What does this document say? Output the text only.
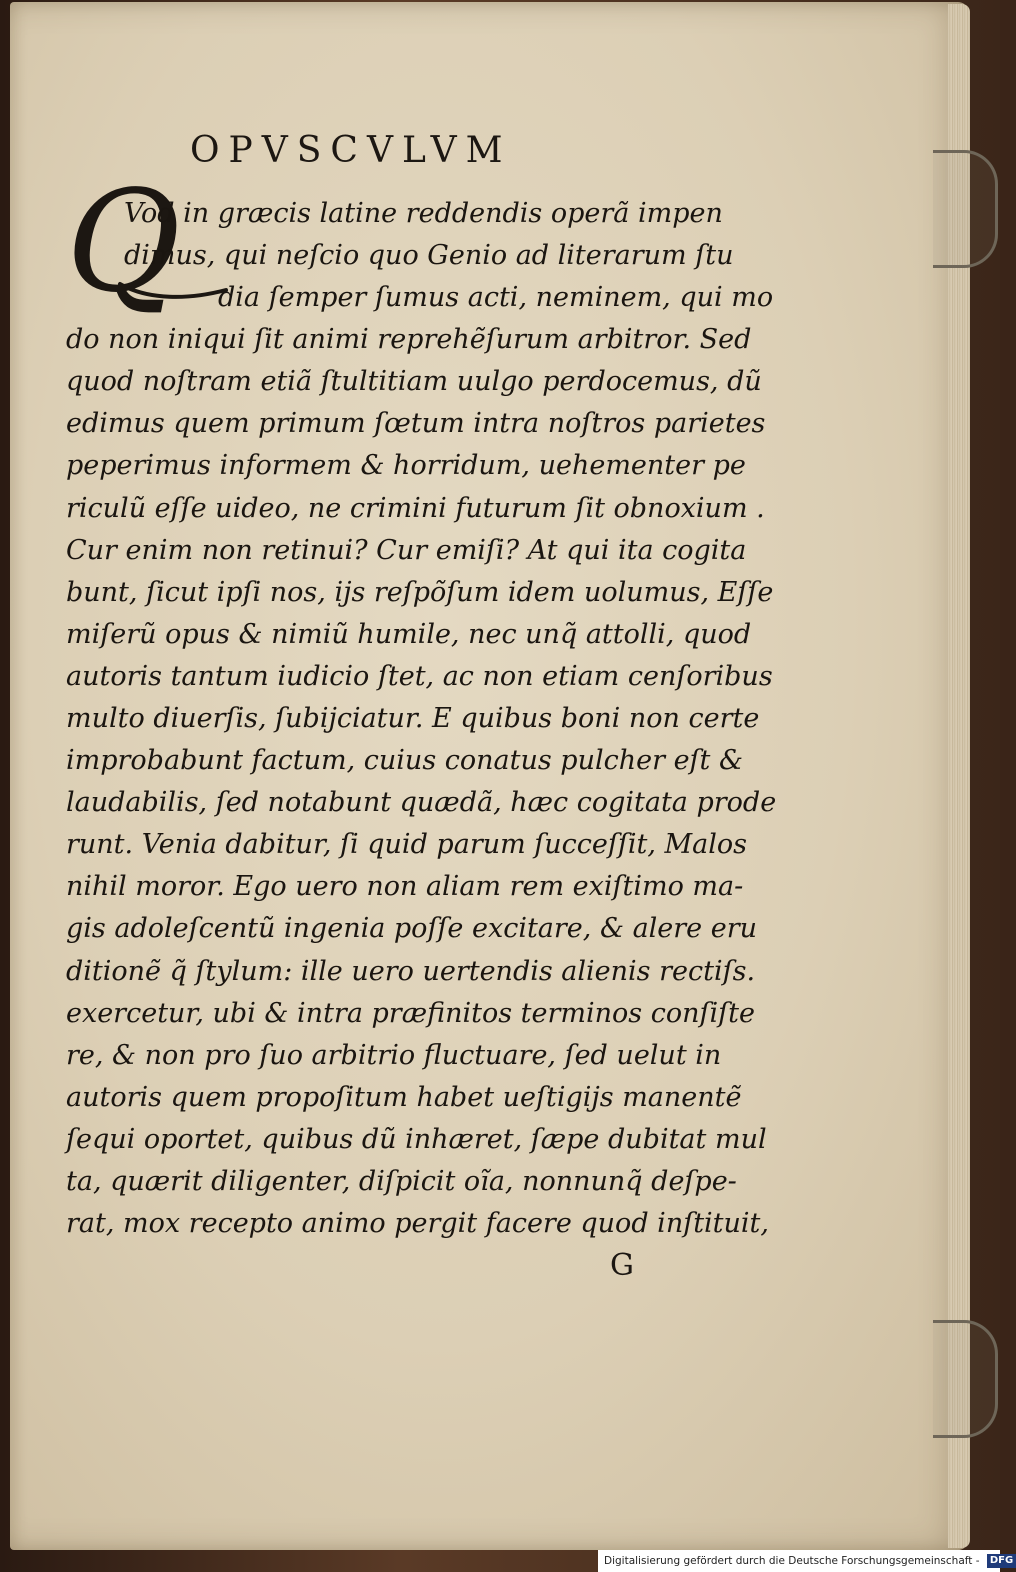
OPVSCVLVM
Q
Vod in græcis latine reddendis operã impen
dimus, qui neſcio quo Genio ad literarum ſtu
dia ſemper ſumus acti, neminem, qui mo
do non iniqui ſit animi reprehẽſurum arbitror. Sed
quod noſtram etiã ſtultitiam uulgo perdocemus, dũ
edimus quem primum ſœtum intra noſtros parietes
peperimus informem & horridum, uehementer pe
riculũ eſſe uideo, ne crimini futurum ſit obnoxium .
Cur enim non retinui? Cur emiſi? At qui ita cogita
bunt, ſicut ipſi nos, ijs reſpõſum idem uolumus, Eſſe
miſerũ opus & nimiũ humile, nec unq̃ attolli, quod
autoris tantum iudicio ſtet, ac non etiam cenſoribus
multo diuerſis, ſubijciatur. E quibus boni non certe
improbabunt factum, cuius conatus pulcher eſt &
laudabilis, ſed notabunt quædã, hæc cogitata prode
runt. Venia dabitur, ſi quid parum ſucceſſit, Malos
nihil moror. Ego uero non aliam rem exiſtimo ma-
gis adoleſcentũ ingenia poſſe excitare, & alere eru
ditionẽ q̃ ſtylum: ille uero uertendis alienis rectiſs.
exercetur, ubi & intra præfinitos terminos conſiſte
re, & non pro ſuo arbitrio fluctuare, ſed uelut in
autoris quem propoſitum habet ueſtigijs manentẽ
ſequi oportet, quibus dũ inhæret, ſæpe dubitat mul
ta, quærit diligenter, diſpicit oĩa, nonnunq̃ deſpe-
rat, mox recepto animo pergit facere quod inſtituit,
G
Digitalisierung gefördert durch die Deutsche Forschungsgemeinschaft - DFG
